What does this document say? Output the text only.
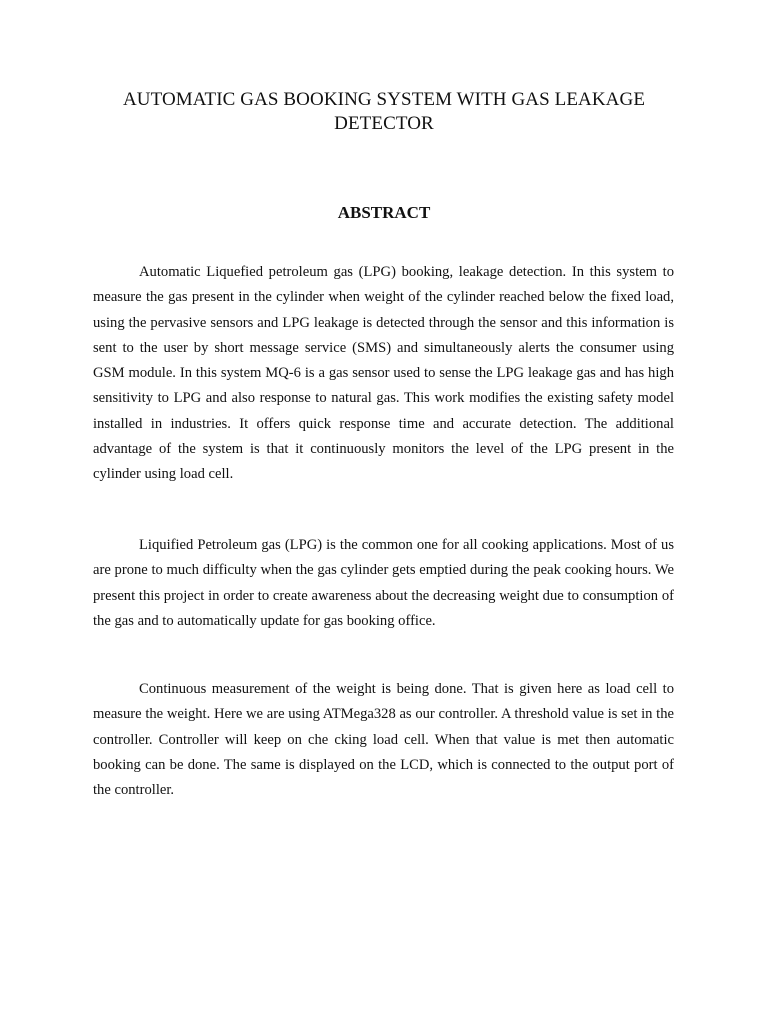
AUTOMATIC GAS BOOKING SYSTEM WITH GAS LEAKAGE DETECTOR
ABSTRACT

Automatic Liquefied petroleum gas (LPG) booking, leakage detection. In this system to measure the gas present in the cylinder when weight of the cylinder reached below the fixed load, using the pervasive sensors and LPG leakage is detected through the sensor and this information is sent to the user by short message service (SMS) and simultaneously alerts the consumer using GSM module. In this system MQ-6 is a gas sensor used to sense the LPG leakage gas and has high sensitivity to LPG and also response to natural gas. This work modifies the existing safety model installed in industries. It offers quick response time and accurate detection. The additional advantage of the system is that it continuously monitors the level of the LPG present in the cylinder using load cell.

Liquified Petroleum gas (LPG) is the common one for all cooking applications. Most of us are prone to much difficulty when the gas cylinder gets emptied during the peak cooking hours. We present this project in order to create awareness about the decreasing weight due to consumption of the gas and to automatically update for gas booking office.

Continuous measurement of the weight is being done. That is given here as load cell to measure the weight. Here we are using ATMega328 as our controller. A threshold value is set in the controller. Controller will keep on che cking load cell. When that value is met then automatic booking can be done. The same is displayed on the LCD, which is connected to the output port of the controller.
